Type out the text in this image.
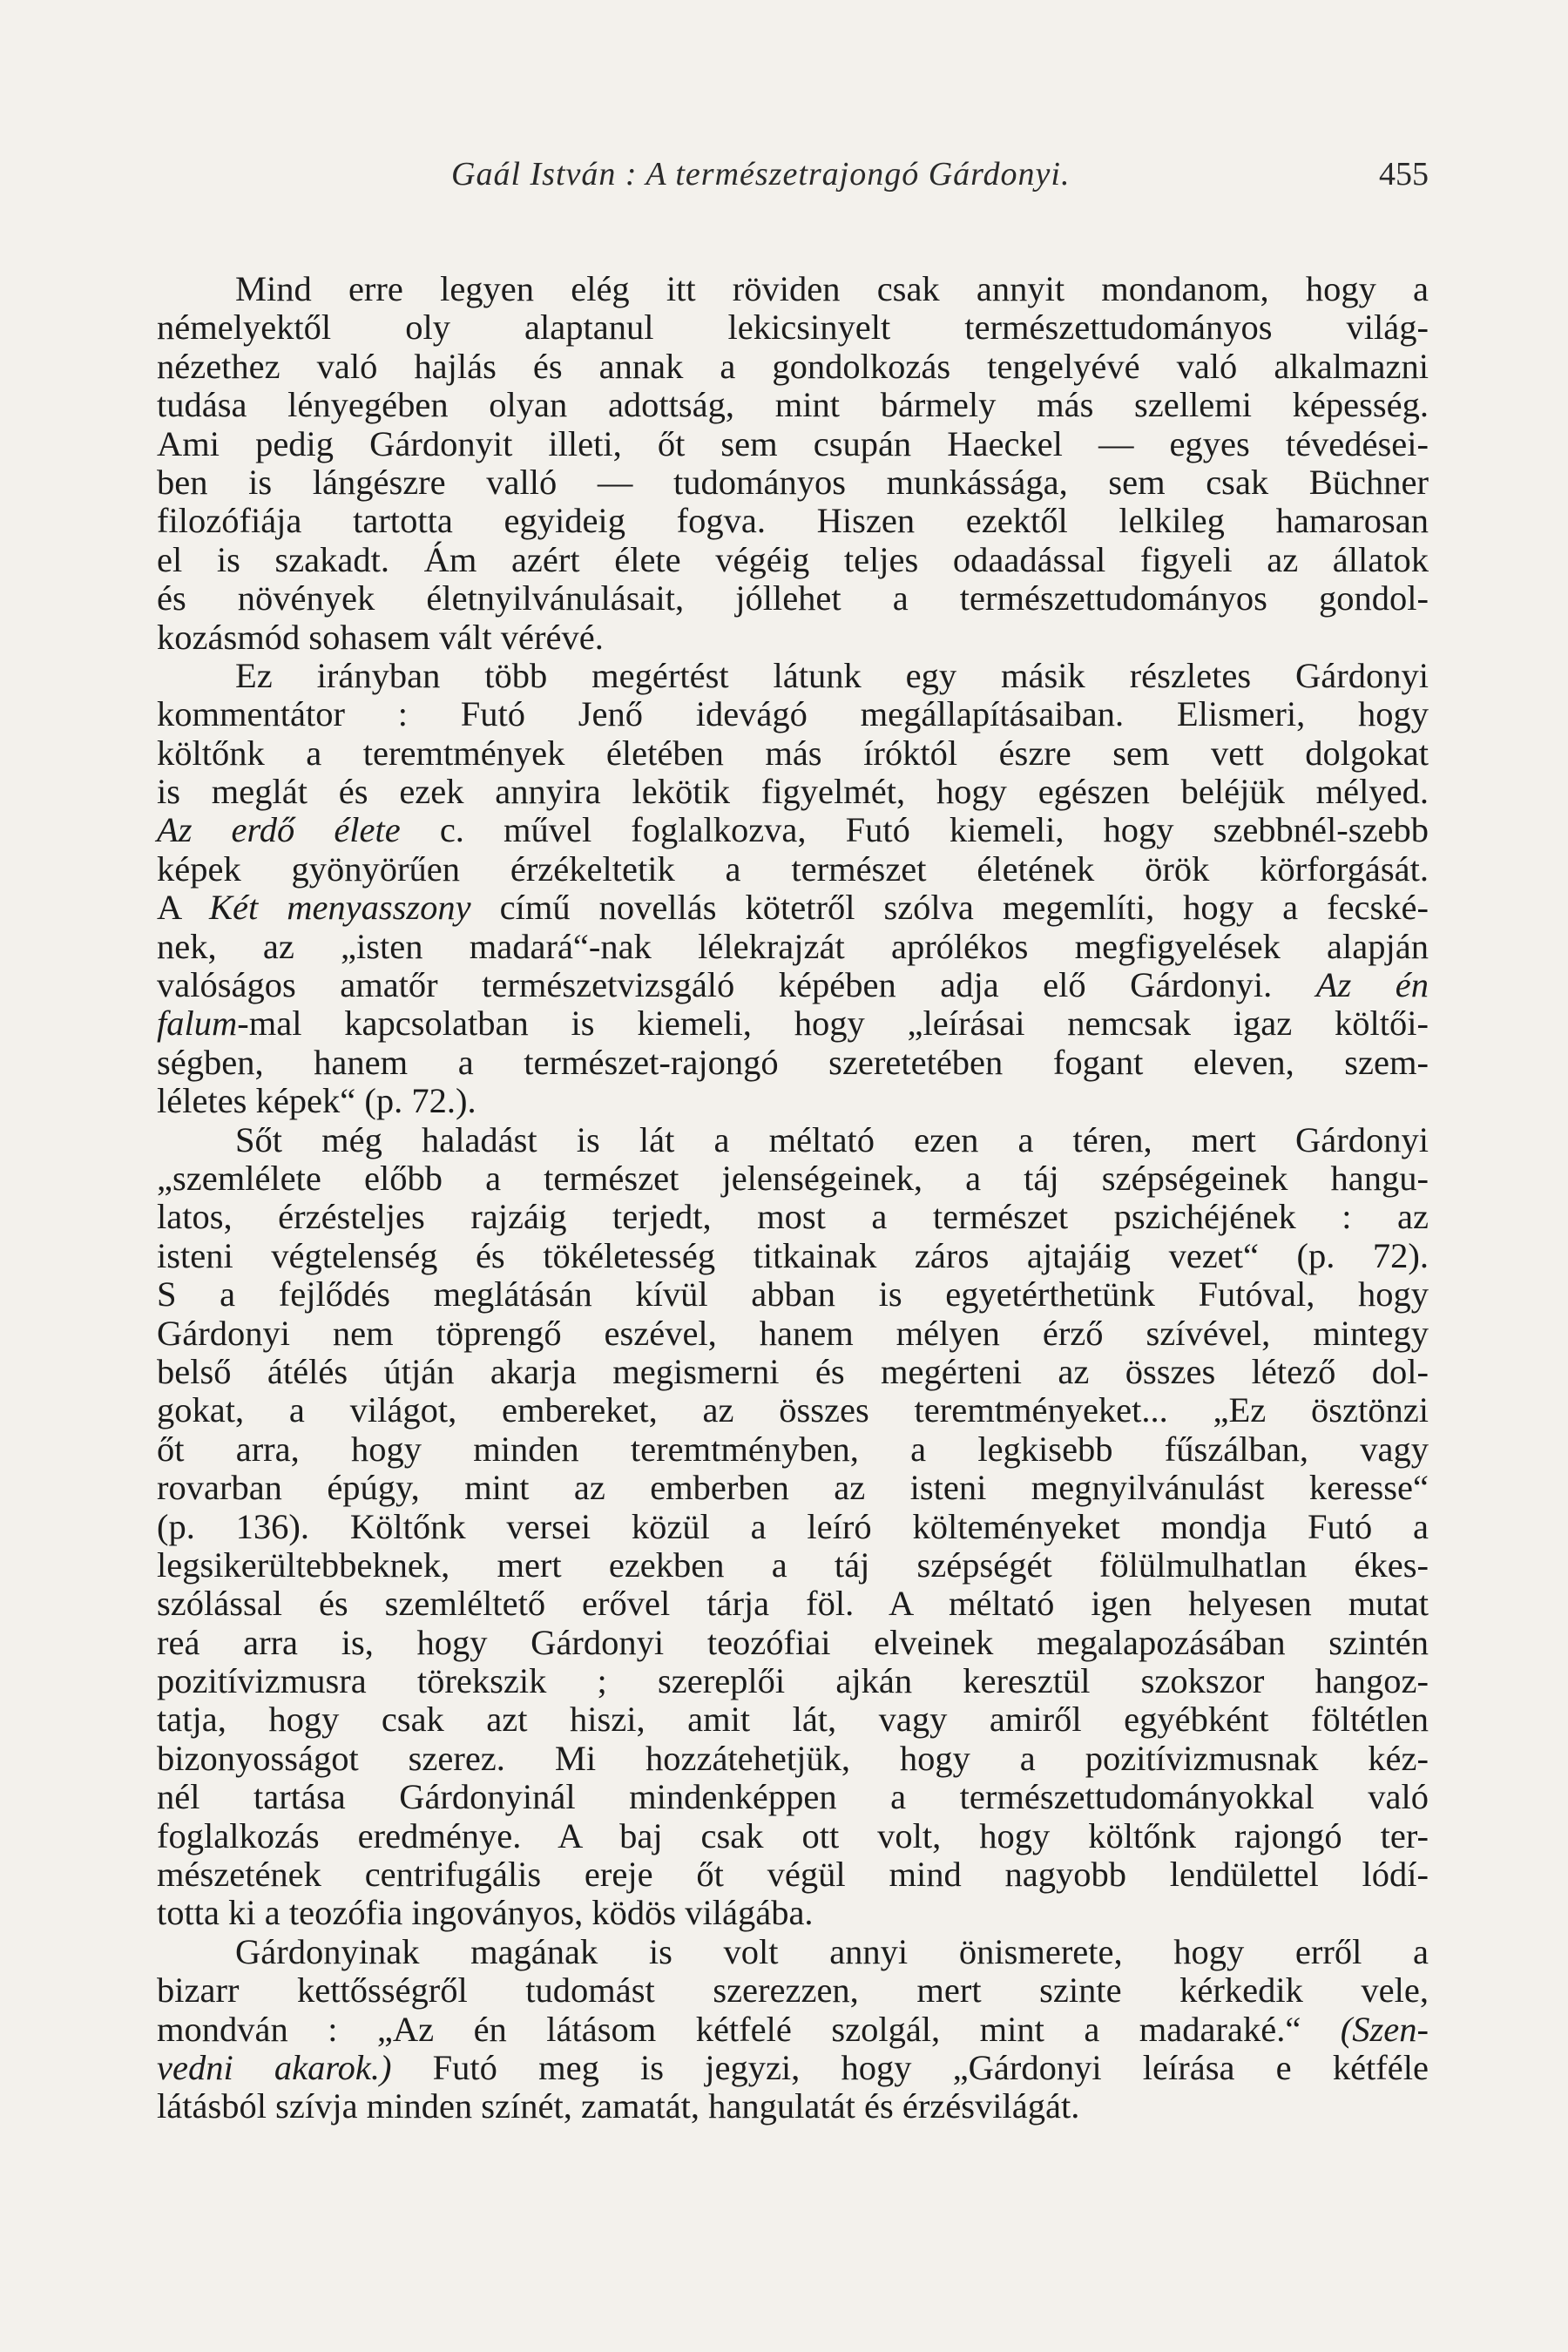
Gaál István : A természetrajongó Gárdonyi.	455
Mind erre legyen elég itt röviden csak annyit mondanom, hogy a
némelyektől oly alaptanul lekicsinyelt természettudományos világ-
nézethez való hajlás és annak a gondolkozás tengelyévé való alkalmazni
tudása lényegében olyan adottság, mint bármely más szellemi képesség.
Ami pedig Gárdonyit illeti, őt sem csupán Haeckel — egyes tévedései-
ben is lángészre valló — tudományos munkássága, sem csak Büchner
filozófiája tartotta egyideig fogva. Hiszen ezektől lelkileg hamarosan
el is szakadt. Ám azért élete végéig teljes odaadással figyeli az állatok
és növények életnyilvánulásait, jóllehet a természettudományos gondol-
kozásmód sohasem vált vérévé.
Ez irányban több megértést látunk egy másik részletes Gárdonyi
kommentátor : Futó Jenő idevágó megállapításaiban. Elismeri, hogy
költőnk a teremtmények életében más íróktól észre sem vett dolgokat
is meglát és ezek annyira lekötik figyelmét, hogy egészen beléjük mélyed.
Az erdő élete c. művel foglalkozva, Futó kiemeli, hogy szebbnél-szebb
képek gyönyörűen érzékeltetik a természet életének örök körforgását.
A Két menyasszony című novellás kötetről szólva megemlíti, hogy a fecské-
nek, az „isten madará“-nak lélekrajzát aprólékos megfigyelések alapján
valóságos amatőr természetvizsgáló képében adja elő Gárdonyi. Az én
falum-mal kapcsolatban is kiemeli, hogy „leírásai nemcsak igaz költői-
ségben, hanem a természet-rajongó szeretetében fogant eleven, szem-
léletes képek“ (p. 72.).
Sőt még haladást is lát a méltató ezen a téren, mert Gárdonyi
„szemlélete előbb a természet jelenségeinek, a táj szépségeinek hangu-
latos, érzésteljes rajzáig terjedt, most a természet pszichéjének : az
isteni végtelenség és tökéletesség titkainak záros ajtajáig vezet“ (p. 72).
S a fejlődés meglátásán kívül abban is egyetérthetünk Futóval, hogy
Gárdonyi nem töprengő eszével, hanem mélyen érző szívével, mintegy
belső átélés útján akarja megismerni és megérteni az összes létező dol-
gokat, a világot, embereket, az összes teremtményeket... „Ez ösztönzi
őt arra, hogy minden teremtményben, a legkisebb fűszálban, vagy
rovarban épúgy, mint az emberben az isteni megnyilvánulást keresse“
(p. 136). Költőnk versei közül a leíró költeményeket mondja Futó a
legsikerültebbeknek, mert ezekben a táj szépségét fölülmulhatlan ékes-
szólással és szemléltető erővel tárja föl. A méltató igen helyesen mutat
reá arra is, hogy Gárdonyi teozófiai elveinek megalapozásában szintén
pozitívizmusra törekszik ; szereplői ajkán keresztül szokszor hangoz-
tatja, hogy csak azt hiszi, amit lát, vagy amiről egyébként föltétlen
bizonyosságot szerez. Mi hozzátehetjük, hogy a pozitívizmusnak kéz-
nél tartása Gárdonyinál mindenképpen a természettudományokkal való
foglalkozás eredménye. A baj csak ott volt, hogy költőnk rajongó ter-
mészetének centrifugális ereje őt végül mind nagyobb lendülettel lódí-
totta ki a teozófia ingoványos, ködös világába.
Gárdonyinak magának is volt annyi önismerete, hogy erről a
bizarr kettősségről tudomást szerezzen, mert szinte kérkedik vele,
mondván : „Az én látásom kétfelé szolgál, mint a madaraké.“ (Szen-
vedni akarok.) Futó meg is jegyzi, hogy „Gárdonyi leírása e kétféle
látásból szívja minden színét, zamatát, hangulatát és érzésvilágát.
